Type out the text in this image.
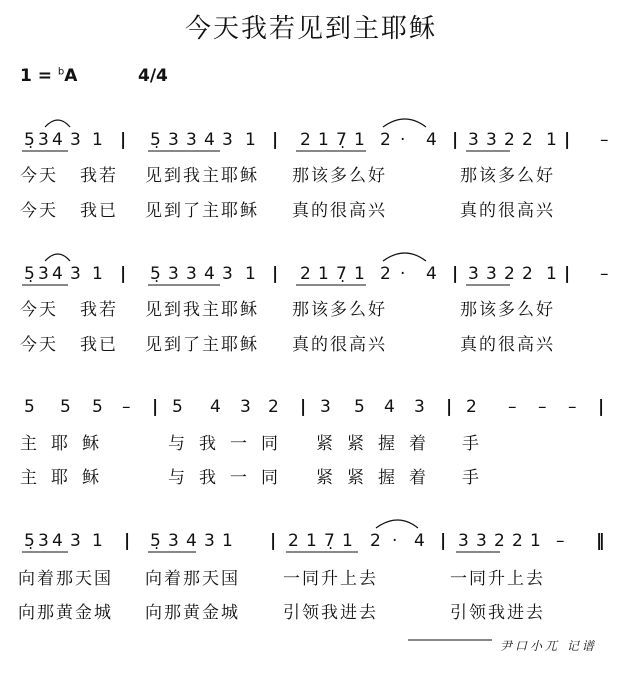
今天我若见到主耶稣
1 = $^b$A	4/4
5̣ 3 4 3 1 | 5̣ 3 3 4 3 1 | 2 1 7̣ 1 2 · 4 | 3 3 2 2 1	–
|
今天 我若 见到我主耶稣 那该多么好	那该多么好
今天 我已 见到了主耶稣 真的很高兴	真的很高兴
5̣ 3 4 3 1 | 5̣ 3 3 4 3 1 | 2 1 7̣ 1 2 · 4 | 3 3 2 2 1	–
|
今天 我若 见到我主耶稣 那该多么好	那该多么好
今天 我已 见到了主耶稣 真的很高兴	真的很高兴
5 5 5 – | 5 4 3 2 | 3 5 4 3 | 2 – – – |
主耶稣	与我一同 紧紧握着 手
主耶稣	与我一同 紧紧握着 手
5̣ 3 4 3 1 | 5̣ 3 4 3 1 | 2 1 7̣ 1 2 · 4 | 3 3 2 2 1 – ‖
向着那天国 向着那天国	一同升上去	一同升上去
向那黄金城 向那黄金城	引领我进去	引领我进去
尹口小兀 记谱
